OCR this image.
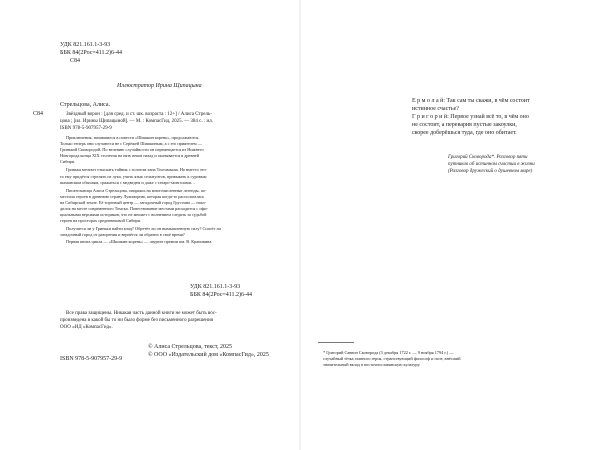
УДК 821.161.1-3-93
ББК 84(2Рос=411.2)6-44
С84
Иллюстратор Ирина Щипацына
С84
Стрельцова, Алиса.
Звёздный ворон : [для сред. и ст. шк. возраста : 12+] / Алиса Стрель-
цова ; [ил. Ирины Щипацыной]. — М. : КомпасГид, 2025. — 384 с. : ил.
ISBN 978-5-907957-29-9
Приключения, начавшиеся в повести «Шишкин корень», продолжаются.
Только теперь они случаются не с Серёжей Шишкиным, а с его приятелем —
Гринькой Сковородой. По велению случайности он перемещается из Нижнего
Новгорода конца XIX столетия на пять веков назад и оказывается в древней
Сибири.
Гринька мечтает отыскать тайник с золотом хана Тохтамыша. Но вместо это-
го ему придётся стрелять из лука, учить язык сельнуптов, привыкать к суровым
шаманским обычаям, сражаться с медведем и даже с татаро-монголами…
Писательница Алиса Стрельцова, опираясь на многочисленные легенды, по-
местила героев в древнюю страну Лукоморию, которая когда-то располагалась
на Сибирской земле. Её торговый центр — загадочный город Грустина — нахо-
дился на месте современного Томска. Повествование местами расходится с офи-
циальными версиями историков, что не мешает с волнением следить за судьбой
героев на просторах средневековой Сибири.
Получится ли у Гриньки найти клад? Обретёт ли он вымышленную силу? Спасёт ли
загадочный город от разорения и вернётся ли обратно в своё время?
Первая книга цикла — «Шишкин корень» — лауреат премии им. В. Крапивина.
УДК 821.161.1-3-93
ББК 84(2Рос=411.2)6-44
Все права защищены. Никакая часть данной книги не может быть вос-
произведена в какой бы то ни было форме без письменного разрешения
ООО «ИД «КомпасГид».
ISBN 978-5-907957-29-9
© Алиса Стрельцова, текст, 2025
© ООО «Издательский дом «КомпасГид», 2025
Е р м о л а й: Так сам ты скажи, в чём состоит
истинное счастье?
Г р и г о р и й: Первое узнай всё то, в чём оно
не состоит, а переварив пустые закоулки,
скорее доберёшься туда, где оно обитает.
Григорий Сковорода*. Разговор пяти
путников об истинном счастии в жизни
(Разговор дружеский о душевном мире)
* Григорий Саввич Сковорода (3 декабря 1722 г. — 9 ноября 1794 г.) —
случайный тёзка главного героя, странствующий философ и поэт, внёсший
значительный вклад в восточнославянскую культуру.
